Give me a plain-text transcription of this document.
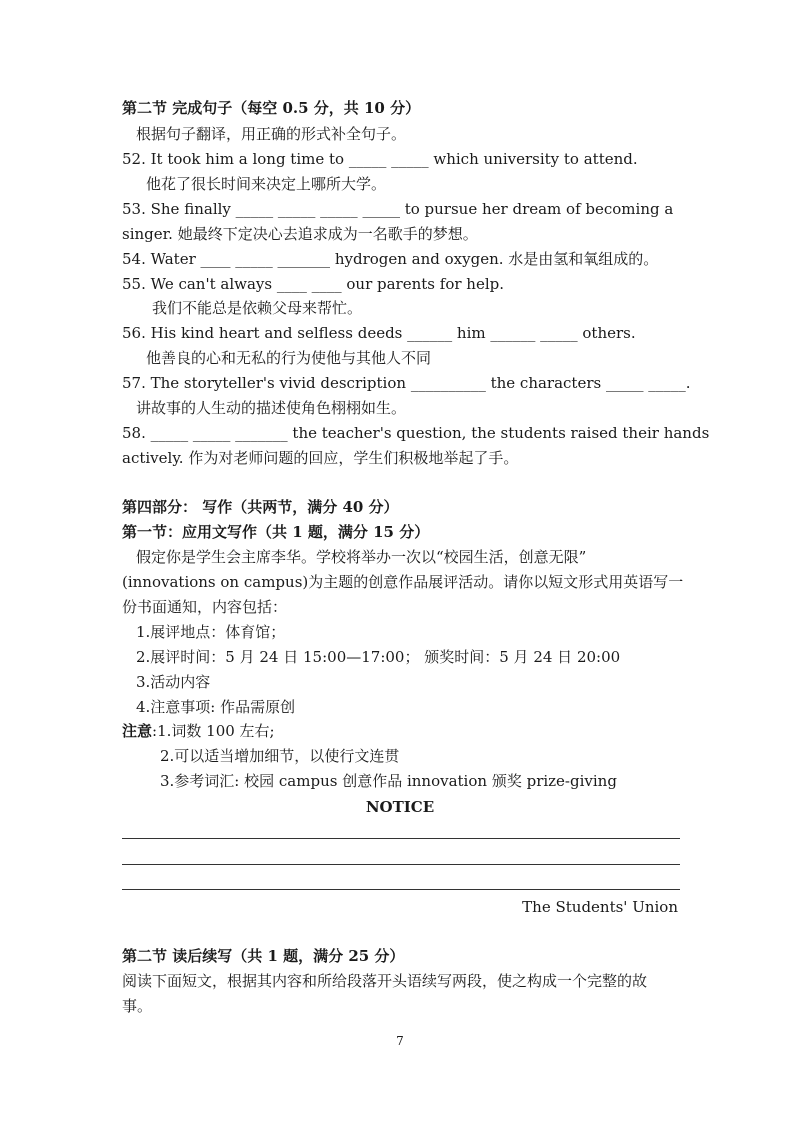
第二节 完成句子（每空 0.5 分，共 10 分）
根据句子翻译，用正确的形式补全句子。
52. It took him a long time to _____ _____ which university to attend.
他花了很长时间来决定上哪所大学。
53. She finally _____ _____ _____ _____ to pursue her dream of becoming a
singer. 她最终下定决心去追求成为一名歌手的梦想。
54. Water ____ _____ _______ hydrogen and oxygen. 水是由氢和氧组成的。
55. We can't always ____ ____ our parents for help.
我们不能总是依赖父母来帮忙。
56. His kind heart and selfless deeds ______ him ______ _____ others.
他善良的心和无私的行为使他与其他人不同
57. The storyteller's vivid description __________ the characters _____ _____.
讲故事的人生动的描述使角色栩栩如生。
58. _____ _____ _______ the teacher's question, the students raised their hands
actively. 作为对老师问题的回应，学生们积极地举起了手。
第四部分： 写作（共两节，满分 40 分）
第一节：应用文写作（共 1 题，满分 15 分）
假定你是学生会主席李华。学校将举办一次以“校园生活，创意无限”
(innovations on campus)为主题的创意作品展评活动。请你以短文形式用英语写一
份书面通知，内容包括：
1.展评地点：体育馆；
2.展评时间：5 月 24 日 15:00—17:00； 颁奖时间：5 月 24 日 20:00
3.活动内容
4.注意事项: 作品需原创
注意:1.词数 100 左右;
2.可以适当增加细节，以使行文连贯
3.参考词汇: 校园 campus 创意作品 innovation 颁奖 prize-giving
NOTICE
The Students' Union
第二节 读后续写（共 1 题，满分 25 分）
阅读下面短文，根据其内容和所给段落开头语续写两段，使之构成一个完整的故
事。
7
